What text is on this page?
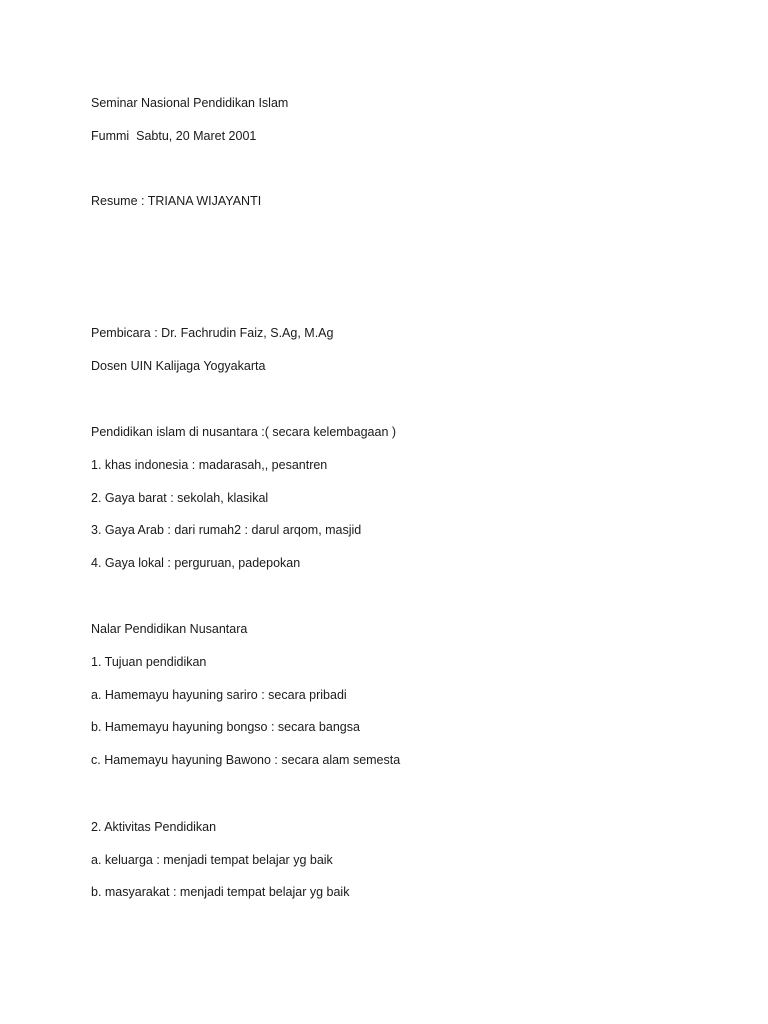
Seminar Nasional Pendidikan Islam

Fummi  Sabtu, 20 Maret 2001

Resume : TRIANA WIJAYANTI

Pembicara : Dr. Fachrudin Faiz, S.Ag, M.Ag

Dosen UIN Kalijaga Yogyakarta

Pendidikan islam di nusantara :( secara kelembagaan )

1. khas indonesia : madarasah,, pesantren

2. Gaya barat : sekolah, klasikal

3. Gaya Arab : dari rumah2 : darul arqom, masjid

4. Gaya lokal : perguruan, padepokan

Nalar Pendidikan Nusantara

1. Tujuan pendidikan

a. Hamemayu hayuning sariro : secara pribadi

b. Hamemayu hayuning bongso : secara bangsa

c. Hamemayu hayuning Bawono : secara alam semesta

2. Aktivitas Pendidikan

a. keluarga : menjadi tempat belajar yg baik

b. masyarakat : menjadi tempat belajar yg baik
